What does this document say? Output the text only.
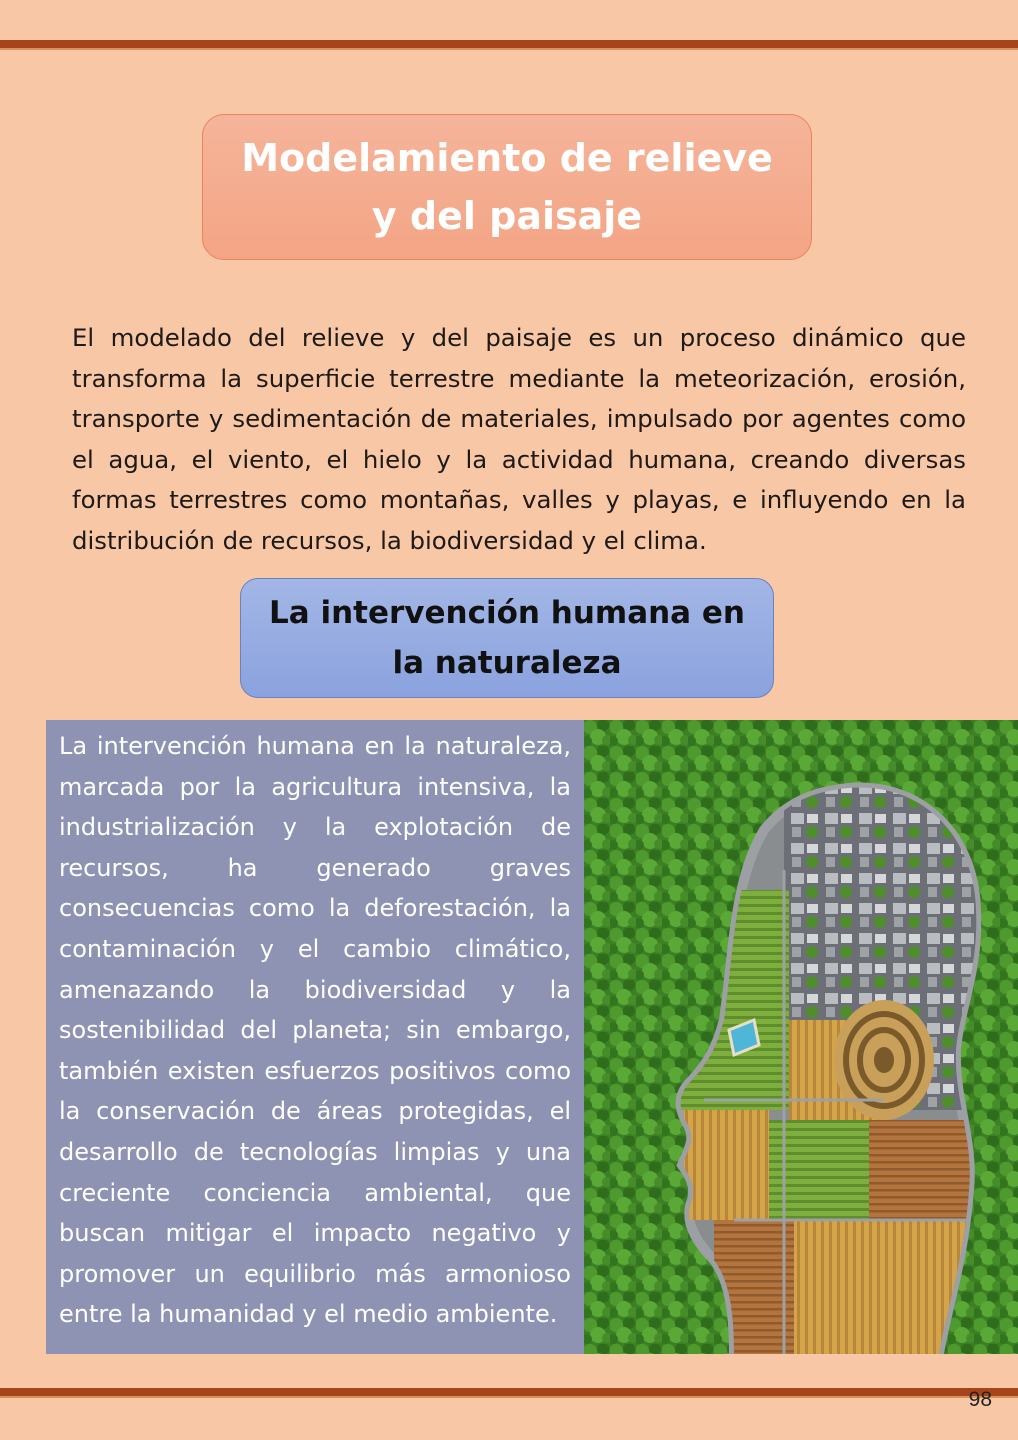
Modelamiento de relieve y del paisaje

El modelado del relieve y del paisaje es un proceso dinámico que transforma la superficie terrestre mediante la meteorización, erosión, transporte y sedimentación de materiales, impulsado por agentes como el agua, el viento, el hielo y la actividad humana, creando diversas formas terrestres como montañas, valles y playas, e influyendo en la distribución de recursos, la biodiversidad y el clima.

La intervención humana en la naturaleza

La intervención humana en la naturaleza,
marcada por la agricultura intensiva, la
industrialización y la explotación de
recursos, ha generado graves
consecuencias como la deforestación, la
contaminación y el cambio climático,
amenazando la biodiversidad y la
sostenibilidad del planeta; sin embargo,
también existen esfuerzos positivos como
la conservación de áreas protegidas, el
desarrollo de tecnologías limpias y una
creciente conciencia ambiental, que
buscan mitigar el impacto negativo y
promover un equilibrio más armonioso
entre la humanidad y el medio ambiente.

98
